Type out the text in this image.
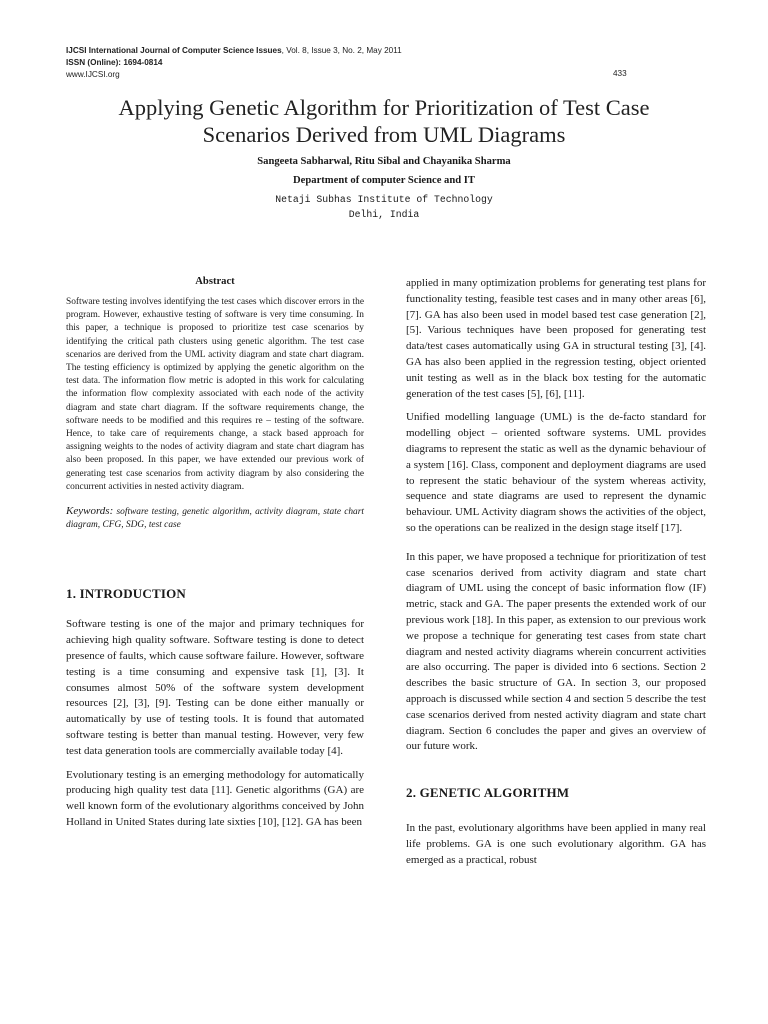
IJCSI International Journal of Computer Science Issues, Vol. 8, Issue 3, No. 2, May 2011
ISSN (Online): 1694-0814
www.IJCSI.org	433
Applying Genetic Algorithm for Prioritization of Test Case
Scenarios Derived from UML Diagrams
Sangeeta Sabharwal, Ritu Sibal and Chayanika Sharma
Department of computer Science and IT
Netaji Subhas Institute of Technology
Delhi, India
Abstract

Software testing involves identifying the test cases which discover errors in the program. However, exhaustive testing of software is very time consuming. In this paper, a technique is proposed to prioritize test case scenarios by identifying the critical path clusters using genetic algorithm. The test case scenarios are derived from the UML activity diagram and state chart diagram. The testing efficiency is optimized by applying the genetic algorithm on the test data. The information flow metric is adopted in this work for calculating the information flow complexity associated with each node of the activity diagram and state chart diagram. If the software requirements change, the software needs to be modified and this requires re – testing of the software. Hence, to take care of requirements change, a stack based approach for assigning weights to the nodes of activity diagram and state chart diagram has also been proposed. In this paper, we have extended our previous work of generating test case scenarios from activity diagram by also considering the concurrent activities in nested activity diagram.

Keywords: software testing, genetic algorithm, activity diagram, state chart diagram, CFG, SDG, test case

1. INTRODUCTION

Software testing is one of the major and primary techniques for achieving high quality software. Software testing is done to detect presence of faults, which cause software failure. However, software testing is a time consuming and expensive task [1], [3]. It consumes almost 50% of the software system development resources [2], [3], [9]. Testing can be done either manually or automatically by use of testing tools. It is found that automated software testing is better than manual testing. However, very few test data generation tools are commercially available today [4].

Evolutionary testing is an emerging methodology for automatically producing high quality test data [11]. Genetic algorithms (GA) are well known form of the evolutionary algorithms conceived by John Holland in United States during late sixties [10], [12]. GA has been

applied in many optimization problems for generating test plans for functionality testing, feasible test cases and in many other areas [6], [7]. GA has also been used in model based test case generation [2], [5]. Various techniques have been proposed for generating test data/test cases automatically using GA in structural testing [3], [4]. GA has also been applied in the regression testing, object oriented unit testing as well as in the black box testing for the automatic generation of the test cases [5], [6], [11].

Unified modelling language (UML) is the de-facto standard for modelling object – oriented software systems. UML provides diagrams to represent the static as well as the dynamic behaviour of a system [16]. Class, component and deployment diagrams are used to represent the static behaviour of the system whereas activity, sequence and state diagrams are used to represent the dynamic behaviour. UML Activity diagram shows the activities of the object, so the operations can be realized in the design stage itself [17].

In this paper, we have proposed a technique for prioritization of test case scenarios derived from activity diagram and state chart diagram of UML using the concept of basic information flow (IF) metric, stack and GA. The paper presents the extended work of our previous work [18]. In this paper, as extension to our previous work we propose a technique for generating test cases from state chart diagram and nested activity diagrams wherein concurrent activities are also occurring. The paper is divided into 6 sections. Section 2 describes the basic structure of GA. In section 3, our proposed approach is discussed while section 4 and section 5 describe the test case scenarios derived from nested activity diagram and state chart diagram. Section 6 concludes the paper and gives an overview of our future work.

2. GENETIC ALGORITHM

In the past, evolutionary algorithms have been applied in many real life problems. GA is one such evolutionary algorithm. GA has emerged as a practical, robust
